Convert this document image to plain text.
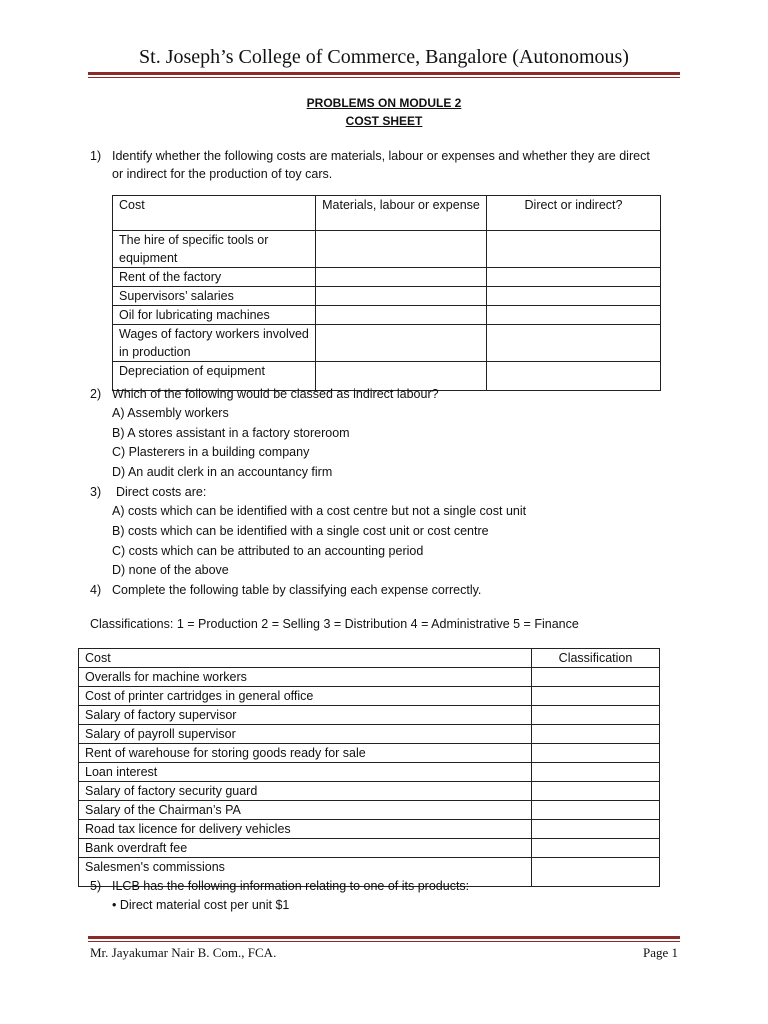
St. Joseph’s College of Commerce, Bangalore (Autonomous)
PROBLEMS ON MODULE 2
COST SHEET
1) Identify whether the following costs are materials, labour or expenses and whether they are direct
or indirect for the production of toy cars.
Cost	Materials, labour or expense	Direct or indirect?
The hire of specific tools or equipment		
Rent of the factory		
Supervisors’ salaries		
Oil for lubricating machines		
Wages of factory workers involved in production		
Depreciation of equipment		
2) Which of the following would be classed as indirect labour?
A) Assembly workers
B) A stores assistant in a factory storeroom
C) Plasterers in a building company
D) An audit clerk in an accountancy firm
3) Direct costs are:
A) costs which can be identified with a cost centre but not a single cost unit
B) costs which can be identified with a single cost unit or cost centre
C) costs which can be attributed to an accounting period
D) none of the above
4) Complete the following table by classifying each expense correctly.
Classifications: 1 = Production 2 = Selling 3 = Distribution 4 = Administrative 5 = Finance
Cost	Classification
Overalls for machine workers	
Cost of printer cartridges in general office	
Salary of factory supervisor	
Salary of payroll supervisor	
Rent of warehouse for storing goods ready for sale	
Loan interest	
Salary of factory security guard	
Salary of the Chairman’s PA	
Road tax licence for delivery vehicles	
Bank overdraft fee	
Salesmen's commissions	
5) ILCB has the following information relating to one of its products:
• Direct material cost per unit $1
Mr. Jayakumar Nair B. Com., FCA.	Page 1
